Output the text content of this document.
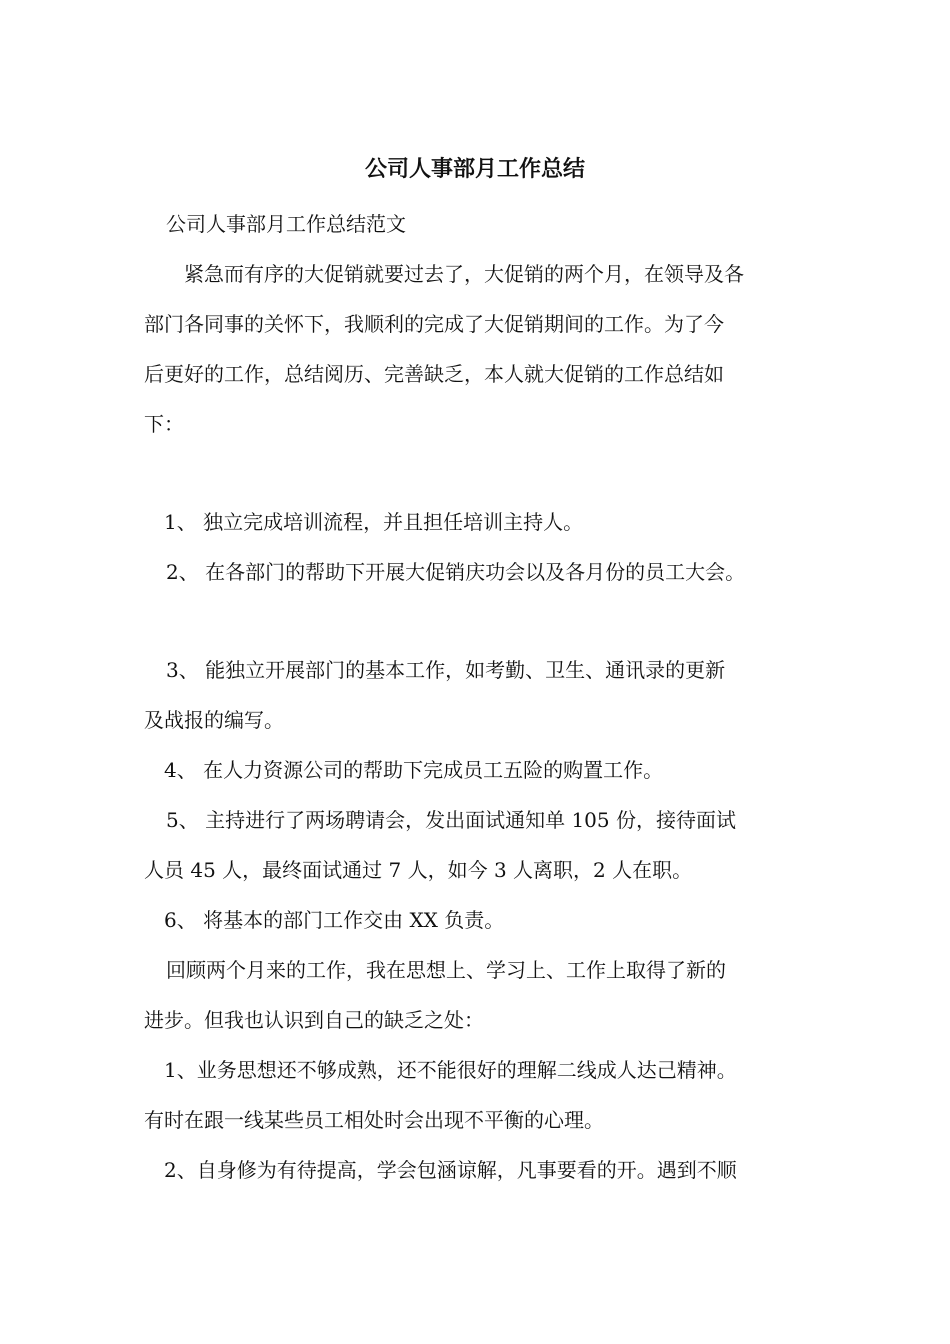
公司人事部月工作总结
公司人事部月工作总结范文
紧急而有序的大促销就要过去了，大促销的两个月，在领导及各
部门各同事的关怀下，我顺利的完成了大促销期间的工作。为了今
后更好的工作，总结阅历、完善缺乏，本人就大促销的工作总结如
下：
1、 独立完成培训流程，并且担任培训主持人。
2、 在各部门的帮助下开展大促销庆功会以及各月份的员工大会。
3、 能独立开展部门的基本工作，如考勤、卫生、通讯录的更新
及战报的编写。
4、 在人力资源公司的帮助下完成员工五险的购置工作。
5、 主持进行了两场聘请会，发出面试通知单 105 份，接待面试
人员 45 人，最终面试通过 7 人，如今 3 人离职，2 人在职。
6、 将基本的部门工作交由 XX 负责。
回顾两个月来的工作，我在思想上、学习上、工作上取得了新的
进步。但我也认识到自己的缺乏之处：
1、业务思想还不够成熟，还不能很好的理解二线成人达己精神。
有时在跟一线某些员工相处时会出现不平衡的心理。
2、自身修为有待提高，学会包涵谅解，凡事要看的开。遇到不顺
